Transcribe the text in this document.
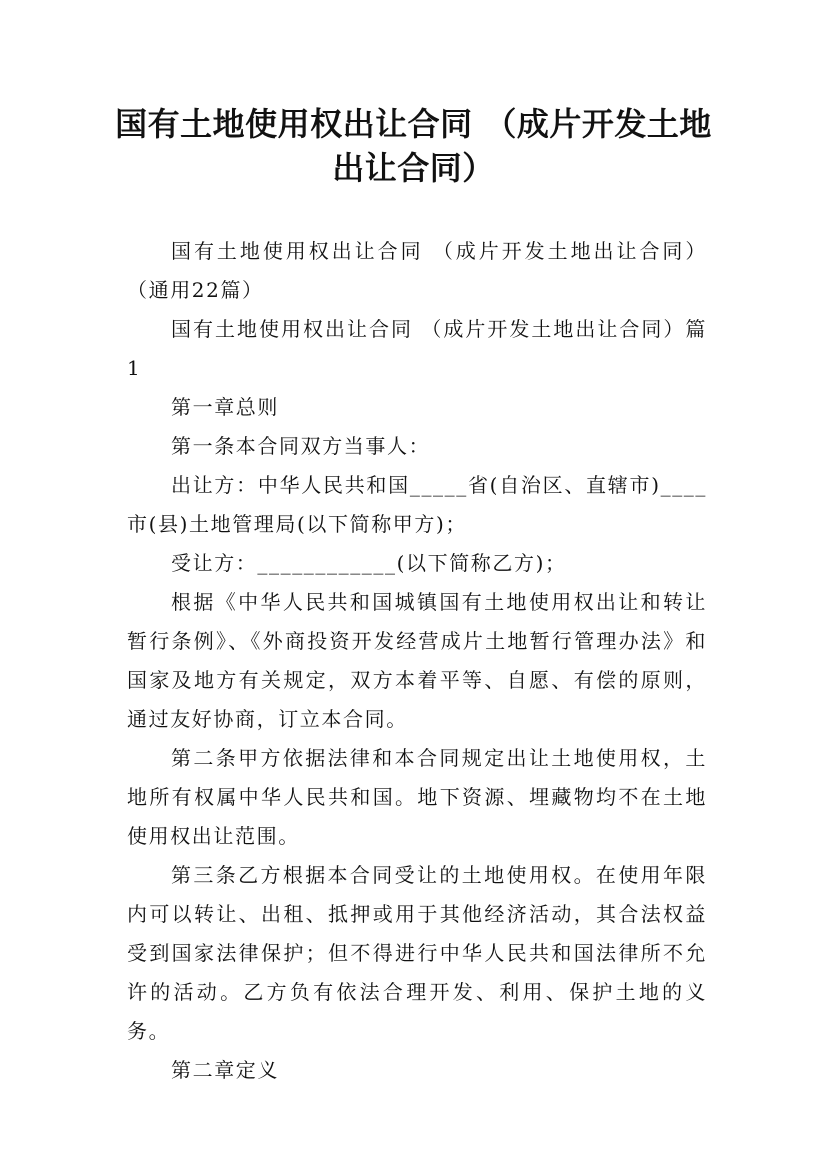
国有土地使用权出让合同 （成片开发土地
出让合同）

国有土地使用权出让合同 （成片开发土地出让合同）（通用22篇）

国有土地使用权出让合同 （成片开发土地出让合同）篇1

第一章总则

第一条本合同双方当事人：

出让方：中华人民共和国_____省(自治区、直辖市)____市(县)土地管理局(以下简称甲方)；

受让方：____________(以下简称乙方)；

根据《中华人民共和国城镇国有土地使用权出让和转让暂行条例》、《外商投资开发经营成片土地暂行管理办法》和国家及地方有关规定，双方本着平等、自愿、有偿的原则，通过友好协商，订立本合同。

第二条甲方依据法律和本合同规定出让土地使用权，土地所有权属中华人民共和国。地下资源、埋藏物均不在土地使用权出让范围。

第三条乙方根据本合同受让的土地使用权。在使用年限内可以转让、出租、抵押或用于其他经济活动，其合法权益受到国家法律保护；但不得进行中华人民共和国法律所不允许的活动。乙方负有依法合理开发、利用、保护土地的义务。

第二章定义
